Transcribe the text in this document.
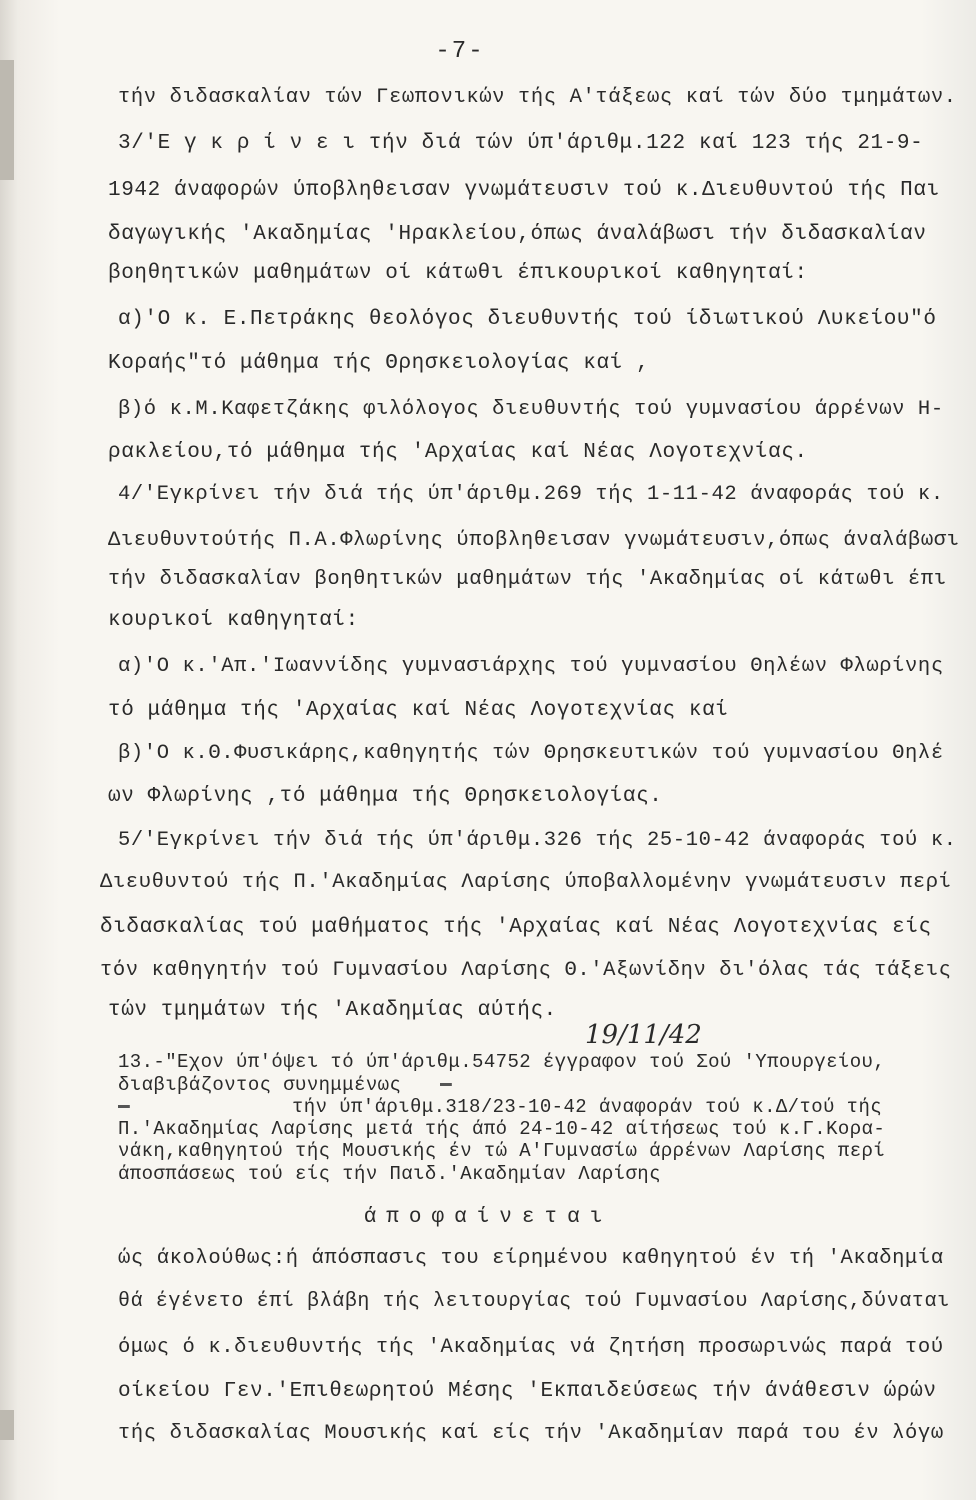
-7-
τήν διδασκαλίαν τών Γεωπονικών τής Α'τάξεως καί τών δύο τμημάτων.
3/'Ε γ κ ρ ί ν ε ι τήν διά τών ύπ'άριθμ.122 καί 123 τής 21-9-
1942 άναφορών ύποβληθεισαν γνωμάτευσιν τού κ.Διευθυντού τής Παι
δαγωγικής 'Ακαδημίας 'Ηρακλείου,όπως άναλάβωσι τήν διδασκαλίαν
βοηθητικών μαθημάτων οί κάτωθι έπικουρικοί καθηγηταί:
α)'Ο κ. Ε.Πετράκης θεολόγος διευθυντής τού ίδιωτικού Λυκείου"ό
Κοραής"τό μάθημα τής Θρησκειολογίας καί ,
β)ό κ.Μ.Καφετζάκης φιλόλογος διευθυντής τού γυμνασίου άρρένων Η-
ρακλείου,τό μάθημα τής 'Αρχαίας καί Νέας Λογοτεχνίας.
4/'Εγκρίνει τήν διά τής ύπ'άριθμ.269 τής 1-11-42 άναφοράς τού κ.
Διευθυντούτής Π.Α.Φλωρίνης ύποβληθεισαν γνωμάτευσιν,όπως άναλάβωσι
τήν διδασκαλίαν βοηθητικών μαθημάτων τής 'Ακαδημίας οί κάτωθι έπι
κουρικοί καθηγηταί:
α)'Ο κ.'Απ.'Ιωαννίδης γυμνασιάρχης τού γυμνασίου Θηλέων Φλωρίνης
τό μάθημα τής 'Αρχαίας καί Νέας Λογοτεχνίας καί
β)'Ο κ.Θ.Φυσικάρης,καθηγητής τών Θρησκευτικών τού γυμνασίου Θηλέ
ων Φλωρίνης ,τό μάθημα τής Θρησκειολογίας.
5/'Εγκρίνει τήν διά τής ύπ'άριθμ.326 τής 25-10-42 άναφοράς τού κ.
Διευθυντού τής Π.'Ακαδημίας Λαρίσης ύποβαλλομένην γνωμάτευσιν περί
διδασκαλίας τού μαθήματος τής 'Αρχαίας καί Νέας Λογοτεχνίας είς
τόν καθηγητήν τού Γυμνασίου Λαρίσης Θ.'Αξωνίδην δι'όλας τάς τάξεις
τών τμημάτων τής 'Ακαδημίας αύτής.
19/11/42
13.-"Εχον ύπ'όψει τό ύπ'άριθμ.54752 έγγραφον τού Σού 'Υπουργείου,
διαβιβάζοντος συνημμένως

τήν ύπ'άριθμ.318/23-10-42 άναφοράν τού κ.Δ/τού τής
Π.'Ακαδημίας Λαρίσης μετά τής άπό 24-10-42 αίτήσεως τού κ.Γ.Κορα-
νάκη,καθηγητού τής Μουσικής έν τώ Α'Γυμνασίω άρρένων Λαρίσης περί
άποσπάσεως τού είς τήν Παιδ.'Ακαδημίαν Λαρίσης
άποφαίνεται
ώς άκολούθως:ή άπόσπασις του είρημένου καθηγητού έν τή 'Ακαδημία
θά έγένετο έπί βλάβη τής λειτουργίας τού Γυμνασίου Λαρίσης,δύναται
όμως ό κ.διευθυντής τής 'Ακαδημίας νά ζητήση προσωρινώς παρά τού
οίκείου Γεν.'Επιθεωρητού Μέσης 'Εκπαιδεύσεως τήν άνάθεσιν ώρών
τής διδασκαλίας Μουσικής καί είς τήν 'Ακαδημίαν παρά του έν λόγω
